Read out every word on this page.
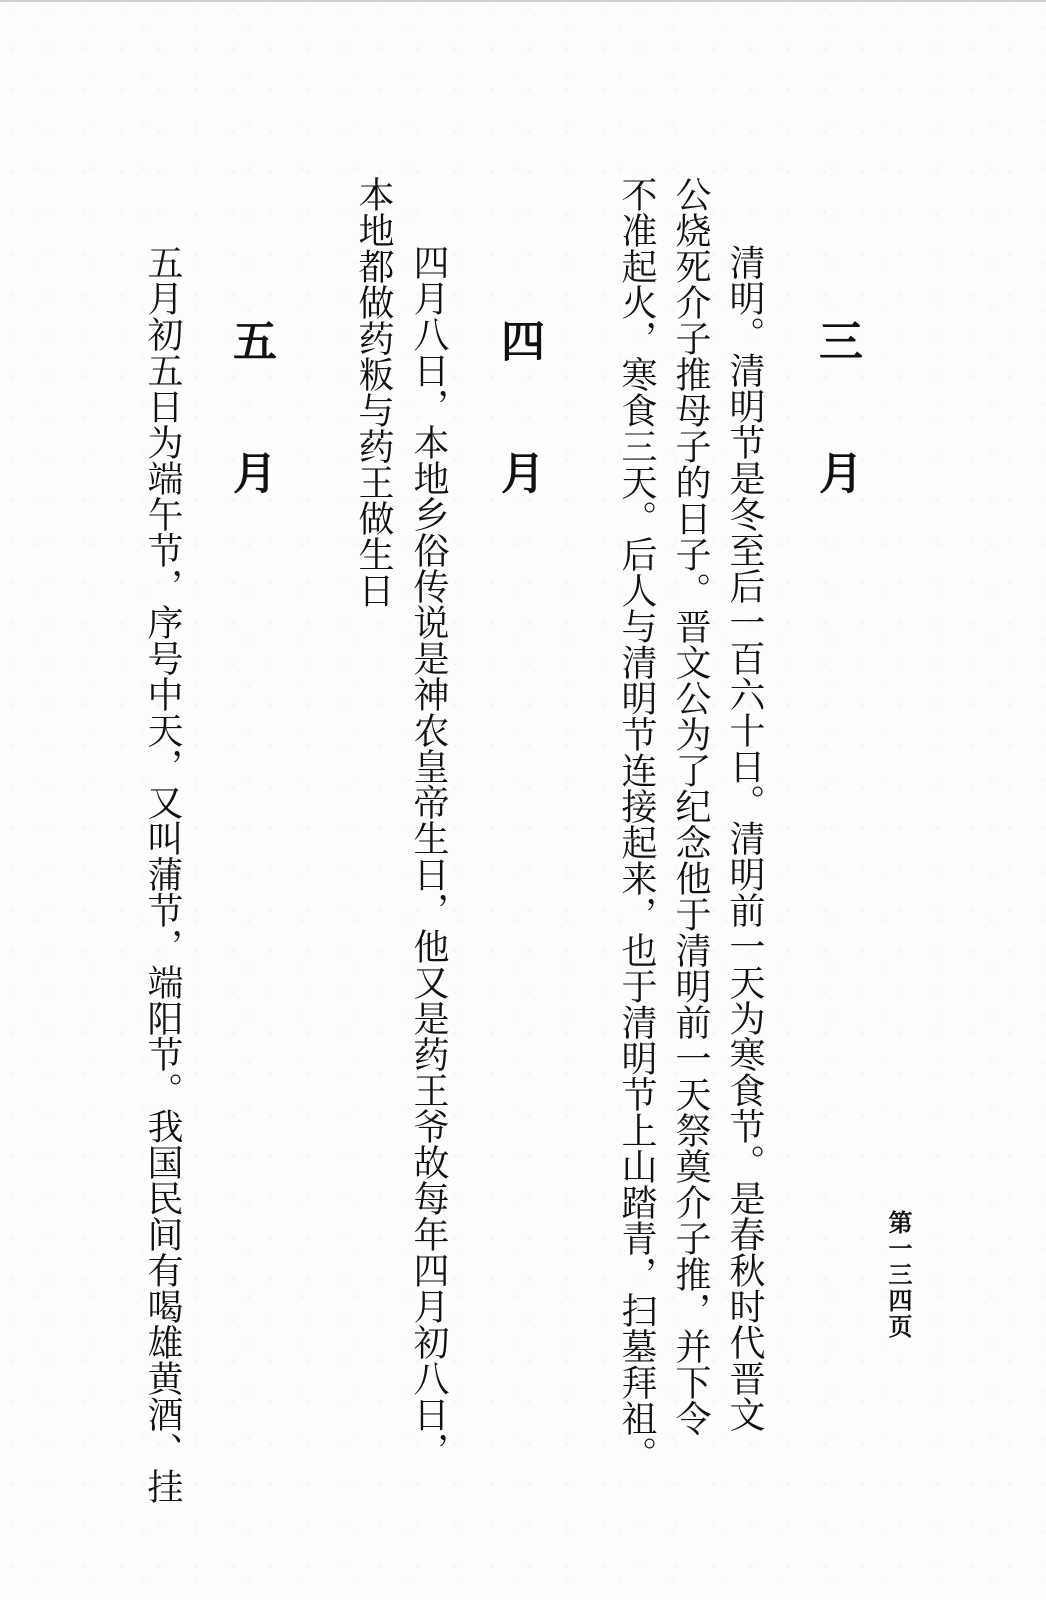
第一三四页
三月
清明。清明节是冬至后一百六十日。清明前一天为寒食节。是春秋时代晋文
公烧死介子推母子的日子。晋文公为了纪念他于清明前一天祭奠介子推，并下令
不准起火，寒食三天。后人与清明节连接起来，也于清明节上山踏青，扫墓拜祖。
四月
四月八日，本地乡俗传说是神农皇帝生日，他又是药王爷故每年四月初八日，
本地都做药粄与药王做生日
五月
五月初五日为端午节，序号中天，又叫蒲节，端阳节。我国民间有喝雄黄酒、挂
